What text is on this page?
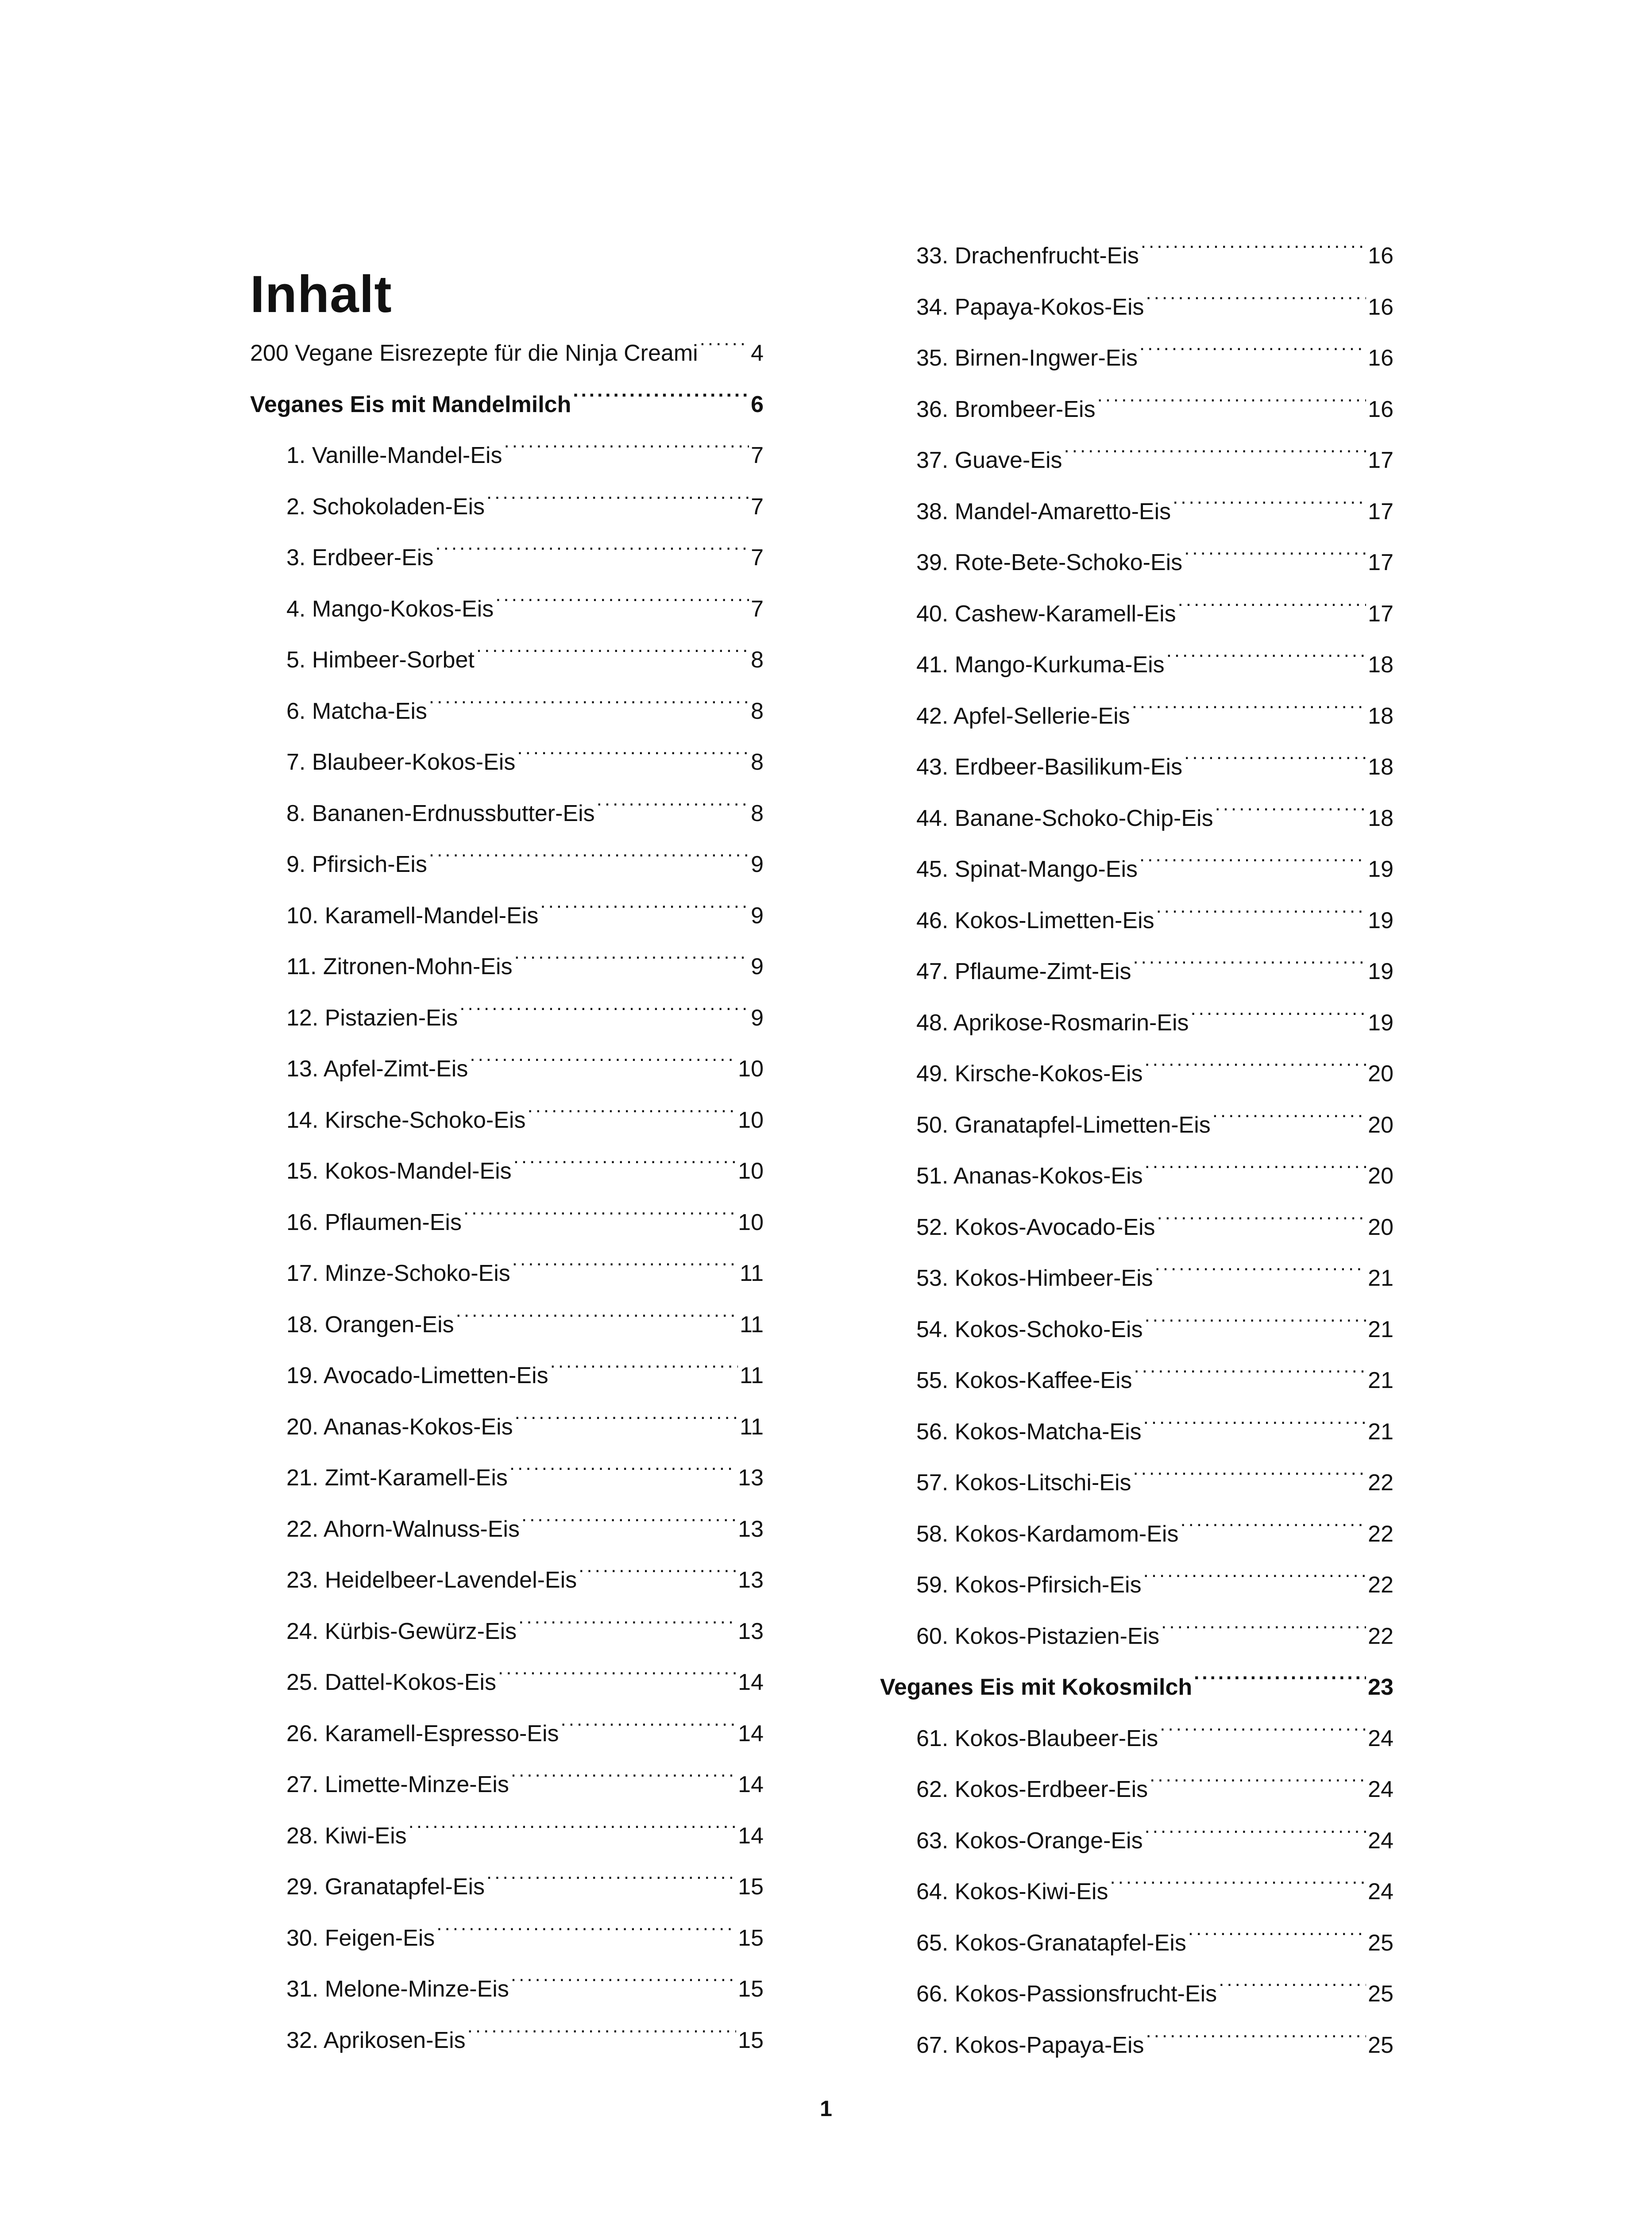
Inhalt
200 Vegane Eisrezepte für die Ninja Creami ..... 4
Veganes Eis mit Mandelmilch .....	6
1. Vanille-Mandel-Eis .....	7
2. Schokoladen-Eis .....	7
3. Erdbeer-Eis .....	7
4. Mango-Kokos-Eis .....	7
5. Himbeer-Sorbet .....	8
6. Matcha-Eis .....	8
7. Blaubeer-Kokos-Eis .....	8
8. Bananen-Erdnussbutter-Eis .....	8
9. Pfirsich-Eis .....	9
10. Karamell-Mandel-Eis .....	9
11. Zitronen-Mohn-Eis .....	9
12. Pistazien-Eis .....	9
13. Apfel-Zimt-Eis .....	10
14. Kirsche-Schoko-Eis .....	10
15. Kokos-Mandel-Eis .....	10
16. Pflaumen-Eis .....	10
17. Minze-Schoko-Eis .....	11
18. Orangen-Eis .....	11
19. Avocado-Limetten-Eis .....	11
20. Ananas-Kokos-Eis .....	11
21. Zimt-Karamell-Eis .....	13
22. Ahorn-Walnuss-Eis .....	13
23. Heidelbeer-Lavendel-Eis .....	13
24. Kürbis-Gewürz-Eis .....	13
25. Dattel-Kokos-Eis .....	14
26. Karamell-Espresso-Eis .....	14
27. Limette-Minze-Eis .....	14
28. Kiwi-Eis .....	14
29. Granatapfel-Eis .....	15
30. Feigen-Eis .....	15
31. Melone-Minze-Eis .....	15
32. Aprikosen-Eis .....	15
33. Drachenfrucht-Eis .....	16
34. Papaya-Kokos-Eis .....	16
35. Birnen-Ingwer-Eis .....	16
36. Brombeer-Eis .....	16
37. Guave-Eis .....	17
38. Mandel-Amaretto-Eis .....	17
39. Rote-Bete-Schoko-Eis .....	17
40. Cashew-Karamell-Eis .....	17
41. Mango-Kurkuma-Eis .....	18
42. Apfel-Sellerie-Eis .....	18
43. Erdbeer-Basilikum-Eis .....	18
44. Banane-Schoko-Chip-Eis .....	18
45. Spinat-Mango-Eis .....	19
46. Kokos-Limetten-Eis .....	19
47. Pflaume-Zimt-Eis .....	19
48. Aprikose-Rosmarin-Eis .....	19
49. Kirsche-Kokos-Eis .....	20
50. Granatapfel-Limetten-Eis .....	20
51. Ananas-Kokos-Eis .....	20
52. Kokos-Avocado-Eis .....	20
53. Kokos-Himbeer-Eis .....	21
54. Kokos-Schoko-Eis .....	21
55. Kokos-Kaffee-Eis .....	21
56. Kokos-Matcha-Eis .....	21
57. Kokos-Litschi-Eis .....	22
58. Kokos-Kardamom-Eis .....	22
59. Kokos-Pfirsich-Eis .....	22
60. Kokos-Pistazien-Eis .....	22
Veganes Eis mit Kokosmilch .....	23
61. Kokos-Blaubeer-Eis .....	24
62. Kokos-Erdbeer-Eis .....	24
63. Kokos-Orange-Eis .....	24
64. Kokos-Kiwi-Eis .....	24
65. Kokos-Granatapfel-Eis .....	25
66. Kokos-Passionsfrucht-Eis .....	25
67. Kokos-Papaya-Eis .....	25
1
